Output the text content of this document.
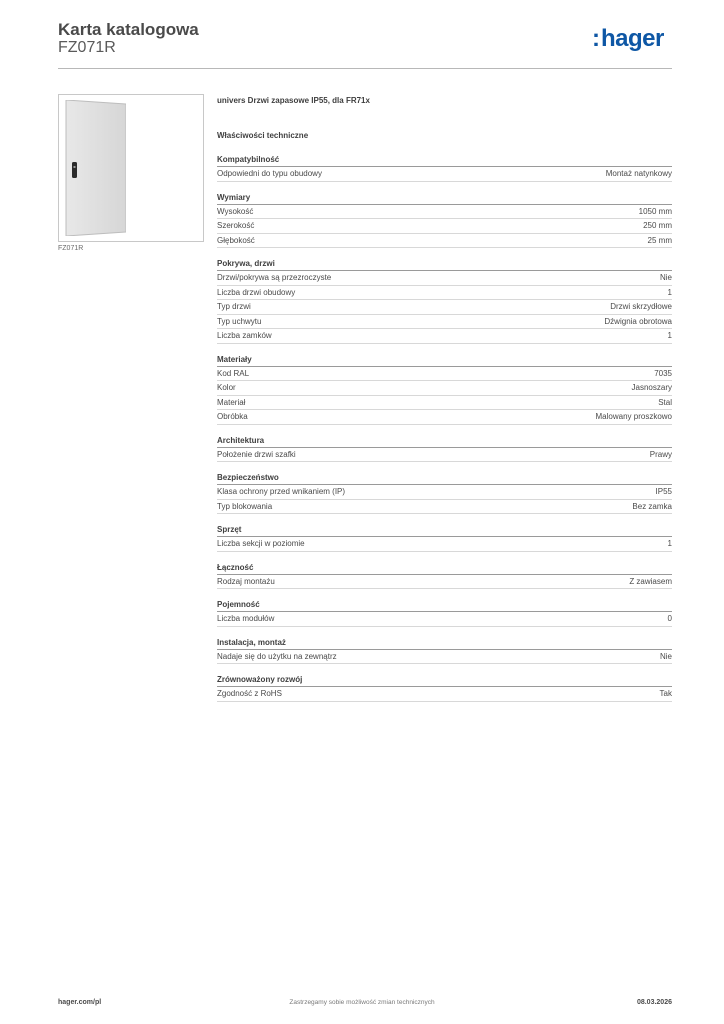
Karta katalogowa
FZ071R	: hager
FZ071R
univers Drzwi zapasowe IP55, dla FR71x
Właściwości techniczne
Kompatybilność
Odpowiedni do typu obudowy	Montaż natynkowy
Wymiary
Wysokość	1050 mm
Szerokość	250 mm
Głębokość	25 mm
Pokrywa, drzwi
Drzwi/pokrywa są przezroczyste	Nie
Liczba drzwi obudowy	1
Typ drzwi	Drzwi skrzydłowe
Typ uchwytu	Dźwignia obrotowa
Liczba zamków	1
Materiały
Kod RAL	7035
Kolor	Jasnoszary
Materiał	Stal
Obróbka	Malowany proszkowo
Architektura
Położenie drzwi szafki	Prawy
Bezpieczeństwo
Klasa ochrony przed wnikaniem (IP)	IP55
Typ blokowania	Bez zamka
Sprzęt
Liczba sekcji w poziomie	1
Łączność
Rodzaj montażu	Z zawiasem
Pojemność
Liczba modułów	0
Instalacja, montaż
Nadaje się do użytku na zewnątrz	Nie
Zrównoważony rozwój
Zgodność z RoHS	Tak
hager.com/pl	Zastrzegamy sobie możliwość zmian technicznych	08.03.2026
